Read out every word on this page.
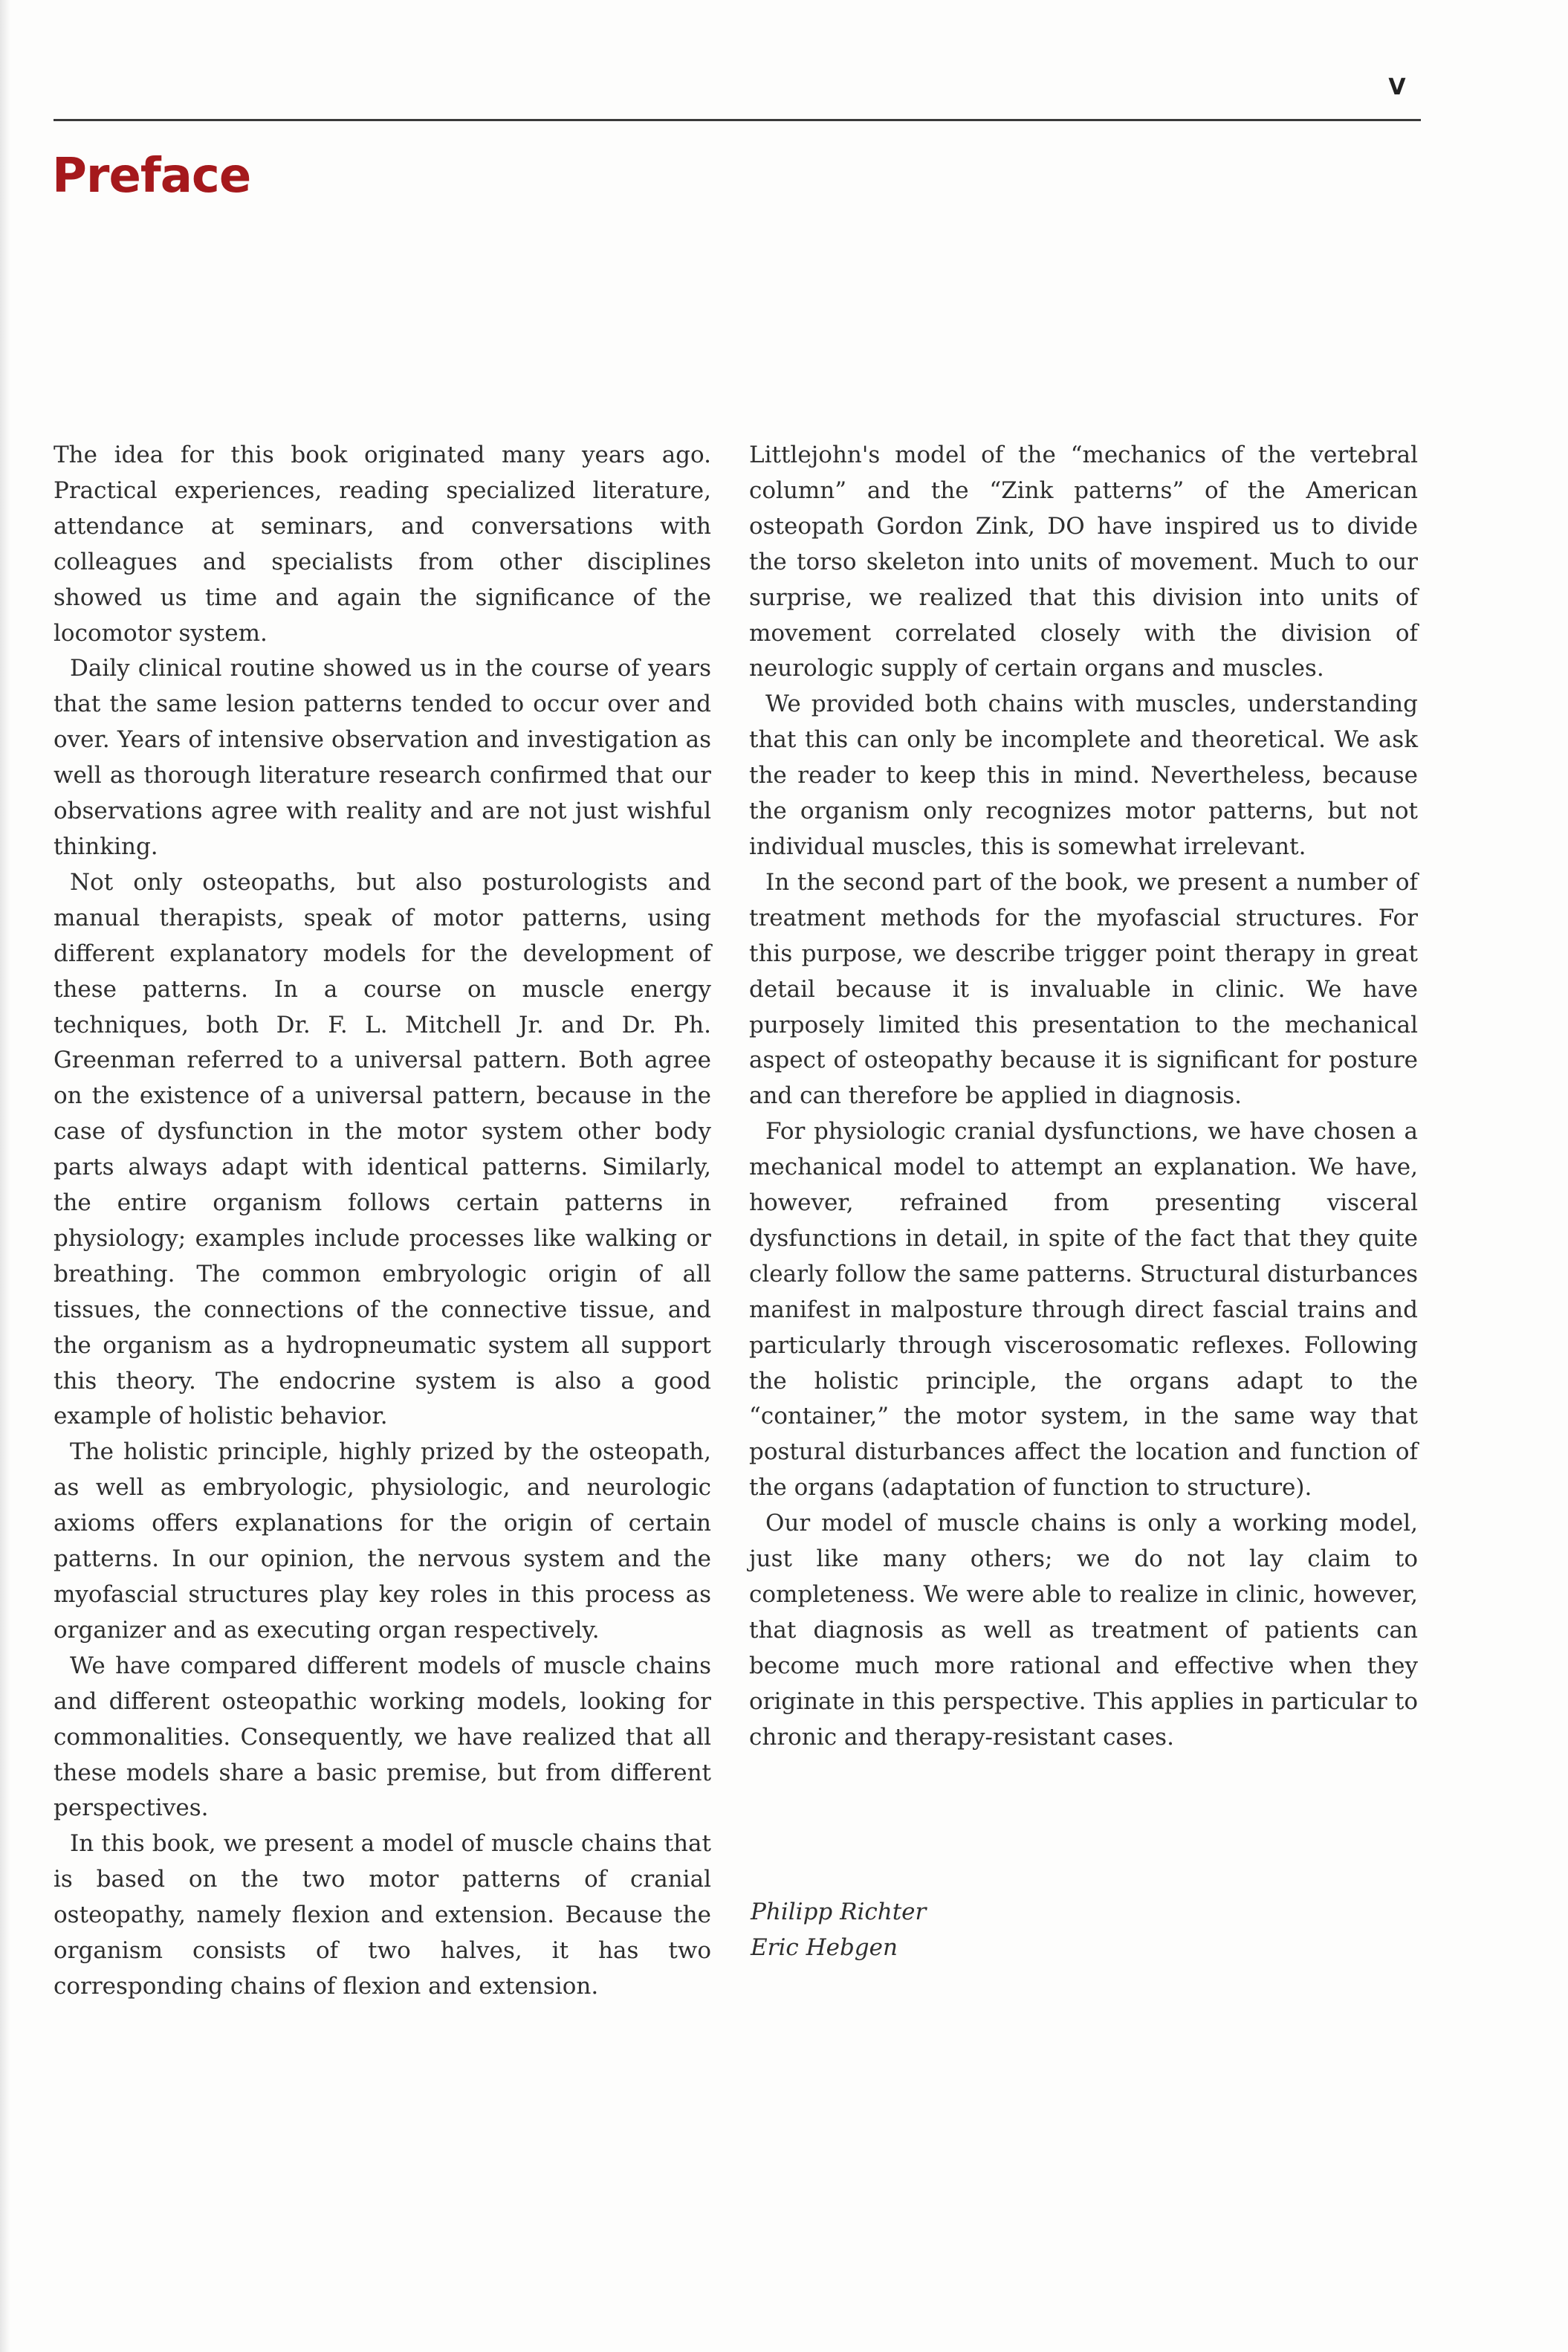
V
Preface

The idea for this book originated many years ago. Practical experiences, reading specialized literature, attendance at seminars, and conversations with colleagues and specialists from other disciplines showed us time and again the significance of the locomotor system.

Daily clinical routine showed us in the course of years that the same lesion patterns tended to occur over and over. Years of intensive observation and investigation as well as thorough literature research confirmed that our observations agree with reality and are not just wishful thinking.

Not only osteopaths, but also posturologists and manual therapists, speak of motor patterns, using different explanatory models for the development of these patterns. In a course on muscle energy techniques, both Dr. F. L. Mitchell Jr. and Dr. Ph. Greenman referred to a universal pattern. Both agree on the existence of a universal pattern, because in the case of dysfunction in the motor system other body parts always adapt with identical patterns. Similarly, the entire organism follows certain patterns in physiology; examples include processes like walking or breathing. The common embryologic origin of all tissues, the connections of the connective tissue, and the organism as a hydropneumatic system all support this theory. The endocrine system is also a good example of holistic behavior.

The holistic principle, highly prized by the osteopath, as well as embryologic, physiologic, and neurologic axioms offers explanations for the origin of certain patterns. In our opinion, the nervous system and the myofascial structures play key roles in this process as organizer and as executing organ respectively.

We have compared different models of muscle chains and different osteopathic working models, looking for commonalities. Consequently, we have realized that all these models share a basic premise, but from different perspectives.

In this book, we present a model of muscle chains that is based on the two motor patterns of cranial osteopathy, namely flexion and extension. Because the organism consists of two halves, it has two corresponding chains of flexion and extension.

Littlejohn's model of the “mechanics of the vertebral column” and the “Zink patterns” of the American osteopath Gordon Zink, DO have inspired us to divide the torso skeleton into units of movement. Much to our surprise, we realized that this division into units of movement correlated closely with the division of neurologic supply of certain organs and muscles.

We provided both chains with muscles, understanding that this can only be incomplete and theoretical. We ask the reader to keep this in mind. Nevertheless, because the organism only recognizes motor patterns, but not individual muscles, this is somewhat irrelevant.

In the second part of the book, we present a number of treatment methods for the myofascial structures. For this purpose, we describe trigger point therapy in great detail because it is invaluable in clinic. We have purposely limited this presentation to the mechanical aspect of osteopathy because it is significant for posture and can therefore be applied in diagnosis.

For physiologic cranial dysfunctions, we have chosen a mechanical model to attempt an explanation. We have, however, refrained from presenting visceral dysfunctions in detail, in spite of the fact that they quite clearly follow the same patterns. Structural disturbances manifest in malposture through direct fascial trains and particularly through viscerosomatic reflexes. Following the holistic principle, the organs adapt to the “container,” the motor system, in the same way that postural disturbances affect the location and function of the organs (adaptation of function to structure).

Our model of muscle chains is only a working model, just like many others; we do not lay claim to completeness. We were able to realize in clinic, however, that diagnosis as well as treatment of patients can become much more rational and effective when they originate in this perspective. This applies in particular to chronic and therapy-resistant cases.

Philipp Richter
Eric Hebgen
